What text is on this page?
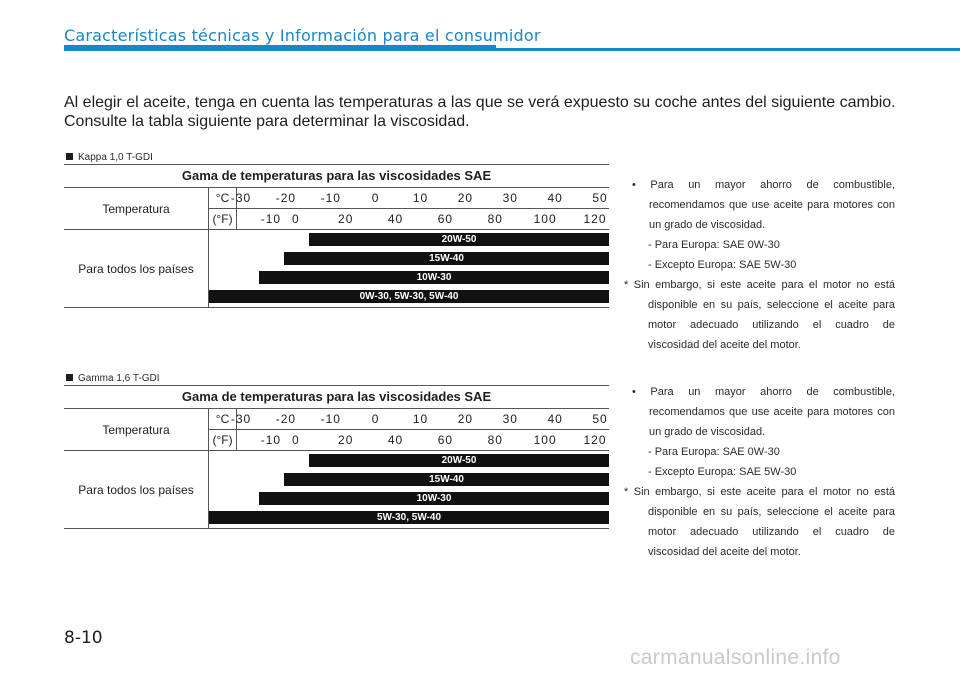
Características técnicas y Información para el consumidor
Al elegir el aceite, tenga en cuenta las temperaturas a las que se verá expuesto su coche antes del siguiente cambio.
Consulte la tabla siguiente para determinar la viscosidad.
Kappa 1,0 T-GDI
Gama de temperaturas para las viscosidades SAE
Temperatura
°C -30 -20 -10	0	10 20 30 40 50
(°F)	-10 0	20	40	60	80	100 120
Para todos los países
20W-50
15W-40
10W-30
0W-30, 5W-30, 5W-40

• Para un mayor ahorro de combustible, recomendamos que use aceite para motores con un grado de viscosidad.

- Para Europa: SAE 0W-30

- Excepto Europa: SAE 5W-30

* Sin embargo, si este aceite para el motor no está disponible en su país, seleccione el aceite para motor adecuado utilizando el cuadro de viscosidad del aceite del motor.

Gamma 1,6 T-GDI
Gama de temperaturas para las viscosidades SAE
Temperatura
°C -30 -20 -10	0	10 20 30 40 50
(°F)	-10 0	20	40	60	80	100 120
Para todos los países
20W-50
15W-40
10W-30
5W-30, 5W-40

• Para un mayor ahorro de combustible, recomendamos que use aceite para motores con un grado de viscosidad.

- Para Europa: SAE 0W-30

- Excepto Europa: SAE 5W-30

* Sin embargo, si este aceite para el motor no está disponible en su país, seleccione el aceite para motor adecuado utilizando el cuadro de viscosidad del aceite del motor.

8-10
carmanualsonline.info
